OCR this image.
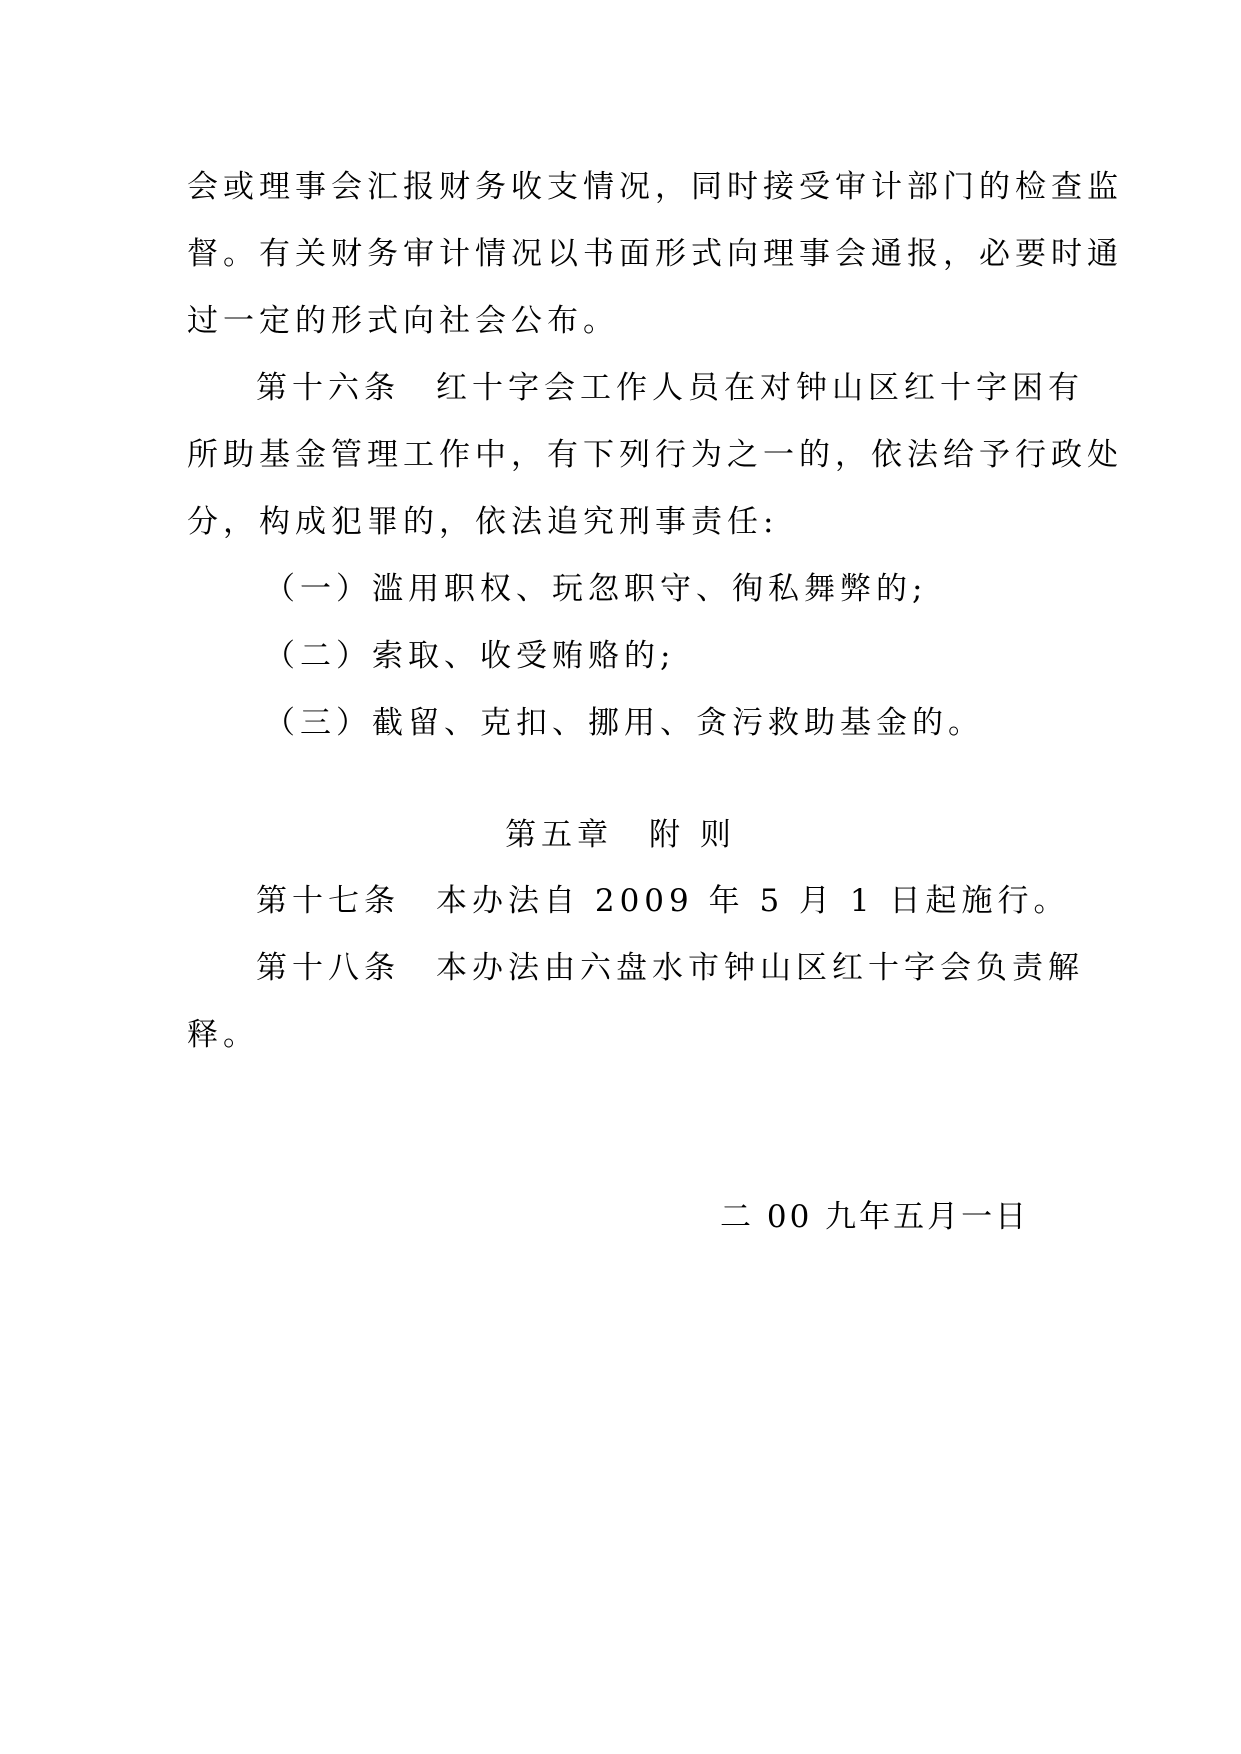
会或理事会汇报财务收支情况，同时接受审计部门的检查监
督。有关财务审计情况以书面形式向理事会通报，必要时通
过一定的形式向社会公布。
第十六条　红十字会工作人员在对钟山区红十字困有
所助基金管理工作中，有下列行为之一的，依法给予行政处
分，构成犯罪的，依法追究刑事责任:
（一）滥用职权、玩忽职守、徇私舞弊的;
（二）索取、收受贿赂的;
（三）截留、克扣、挪用、贪污救助基金的。
第五章　附 则
第十七条　本办法自 2009 年 5 月 1 日起施行。
第十八条　本办法由六盘水市钟山区红十字会负责解
释。
二 00 九年五月一日
